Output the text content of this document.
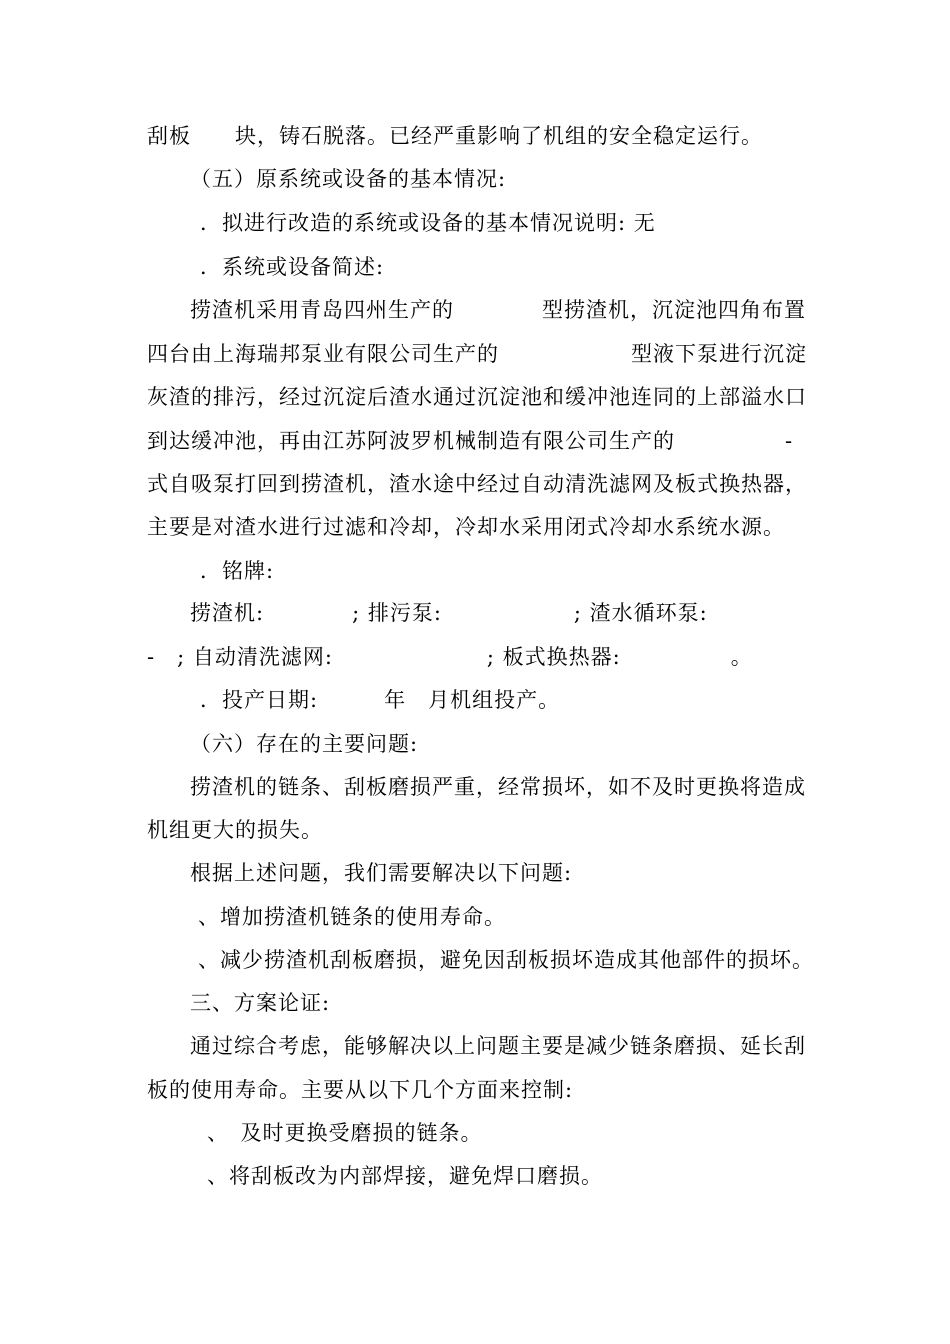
刮板　　块，铸石脱落。已经严重影响了机组的安全稳定运行。
（五）原系统或设备的基本情况:
．拟进行改造的系统或设备的基本情况说明: 无
．系统或设备简述:
捞渣机采用青岛四州生产的　　　　型捞渣机，沉淀池四角布置
四台由上海瑞邦泵业有限公司生产的　　　　　　型液下泵进行沉淀
灰渣的排污，经过沉淀后渣水通过沉淀池和缓冲池连同的上部溢水口
到达缓冲池，再由江苏阿波罗机械制造有限公司生产的　　　　　-
式自吸泵打回到捞渣机，渣水途中经过自动清洗滤网及板式换热器，
主要是对渣水进行过滤和冷却，冷却水采用闭式冷却水系统水源。
．铭牌:
捞渣机:　　　　; 排污泵:　　　　　　; 渣水循环泵:
-　; 自动清洗滤网:　　　　　　　; 板式换热器:　　　　　。
．投产日期:　　　年　月机组投产。
（六）存在的主要问题:
捞渣机的链条、刮板磨损严重，经常损坏，如不及时更换将造成
机组更大的损失。
根据上述问题，我们需要解决以下问题:
、增加捞渣机链条的使用寿命。
、减少捞渣机刮板磨损，避免因刮板损坏造成其他部件的损坏。
三、方案论证:
通过综合考虑，能够解决以上问题主要是减少链条磨损、延长刮
板的使用寿命。主要从以下几个方面来控制:
、　及时更换受磨损的链条。
、将刮板改为内部焊接，避免焊口磨损。
